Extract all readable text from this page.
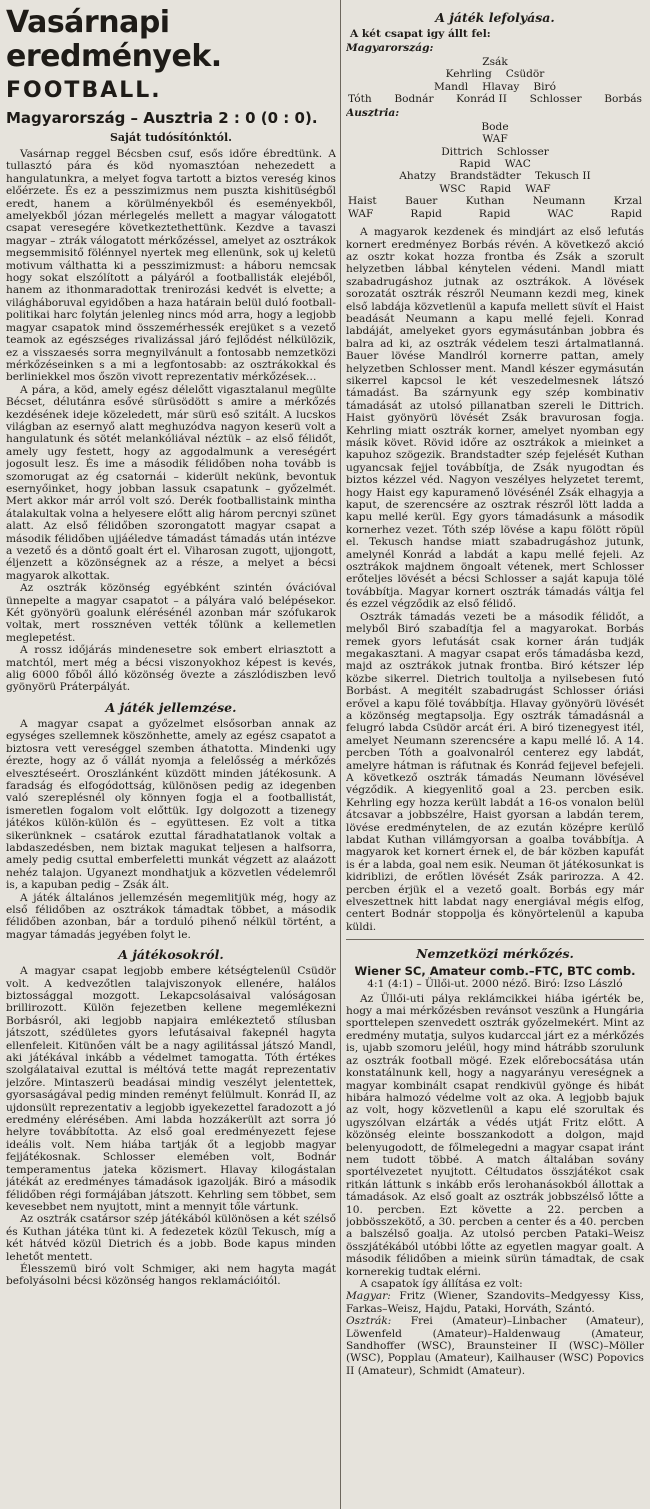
Vasárnapi eredmények.
FOOTBALL.
Magyarország – Ausztria 2 : 0 (0 : 0).
Saját tudósítónktól.

Vasárnap reggel Bécsben csuf, esős időre ébredtünk. A tullasztó pára és köd nyomasztóan nehezedett a hangulatunkra, a melyet fogva tartott a biztos vereség kinos előérzete. És ez a pesszimizmus nem puszta kishitüségből eredt, hanem a körülményekből és eseményekből, amelyekből józan mérlegelés mellett a magyar válogatott csapat veresegére következtethettünk. Kezdve a tavaszi magyar – ztrák válogatott mérkőzéssel, amelyet az osztrákok megsemmisitő fölénnyel nyertek meg ellenünk, sok uj keletü motivum válthatta ki a pesszimizmust: a háboru nemcsak hogy sokat elszólított a pályáról a footballisták elejéből, hanem az ithonmaradottak trenirozási kedvét is elvette; a világháboruval egyidőben a haza határain belül duló football-politikai harc folytán jelenleg nincs mód arra, hogy a legjobb magyar csapatok mind összemérhessék erejüket s a vezető teamok az egészséges rivalizással járó fejlődést nélkülözik, ez a visszaesés sorra megnyilvánult a fontosabb nemzetközi mérkőzéseinken s a mi a legfontosabb: az osztrákokkal és berliniekkel mos őszön vivott reprezentativ mérkőzések…

A pára, a köd, amely egész délelőtt vigasztalanul megülte Bécset, délutánra esővé sürüsödött s amire a mérkőzés kezdésének ideje közeledett, már sürü eső szitált. A lucskos világban az esernyő alatt meghuzódva nagyon keserü volt a hangulatunk és sötét melankóliával néztük – az első félidőt, amely ugy festett, hogy az aggodalmunk a vereségért jogosult lesz. És ime a második félidőben noha tovább is szomorugat az ég csatornái – kiderült nekünk, bevontuk esernyőinket, hogy jobban lassuk csapatunk – győzelmét. Mert akkor már arról volt szó. Derék footballistaink mintha átalakultak volna a helyesere előtt alig három percnyi szünet alatt. Az első félidőben szorongatott magyar csapat a második félidőben ujjáéledve támadást támadás után intézve a vezető és a döntő goalt ért el. Viharosan zugott, ujjongott, éljenzett a közönségnek az a része, a melyet a bécsi magyarok alkottak.

Az osztrák közönség egyébként szintén óvációval ünnepelte a magyar csapatot – a pályára való belépésekor. Két gyönyörü goalunk elérésénél azonban már szófukarok voltak, mert rossznéven vették tőlünk a kellemetlen meglepetést.

A rossz időjárás mindenesetre sok embert elriasztott a matchtól, mert még a bécsi viszonyokhoz képest is kevés, alig 6000 főből álló közönség övezte a zászlódiszben levő gyönyörü Práterpályát.

A játék jellemzése.

A magyar csapat a győzelmet elsősorban annak az egységes szellemnek köszönhette, amely az egész csapatot a biztosra vett vereséggel szemben áthatotta. Mindenki ugy érezte, hogy az ő vállát nyomja a felelősség a mérkőzés elvesztéseért. Oroszlánként küzdött minden játékosunk. A faradság és elfogódottság, különösen pedig az idegenben való szereplésnél oly könnyen fogja el a footballistát, ismeretlen fogalom volt előttük. Igy dolgozott a tizenegy játékos külön-külön és – együttesen. Ez volt a titka sikerünknek – csatárok ezuttal fáradhatatlanok voltak a labdaszedésben, nem biztak magukat teljesen a halfsorra, amely pedig csuttal emberfeletti munkát végzett az alaázott nehéz talajon. Ugyanezt mondhatjuk a közvetlen védelemről is, a kapuban pedig – Zsák ált.

A játék általános jellemzésén megemlitjük még, hogy az első félidőben az osztrákok támadtak többet, a második félidőben azonban, bár a torduló pihenő nélkül történt, a magyar támadás jegyében folyt le.

A játékosokról.

A magyar csapat legjobb embere kétségtelenül Csüdör volt. A kedvezőtlen talajviszonyok ellenére, halálos biztossággal mozgott. Lekapcsolásaival valóságosan brillirozott. Külön fejezetben kellene megemlékezni Borbásról, aki legjobb napjaira emlékeztető stílusban játszott, szédületes gyors lefutásaival fakepnél hagyta ellenfeleit. Kitünően vált be a nagy agilitással játszó Mandl, aki játékával inkább a védelmet tamogatta. Tóth értékes szolgálataival ezuttal is méltóvá tette magát reprezentativ jelzőre. Mintaszerü beadásai mindig veszélyt jelentettek, gyorsaságával pedig minden reményt felülmult. Konrád II, az ujdonsült reprezentativ a legjobb igyekezettel faradozott a jó eredmény elérésében. Ami labda hozzákerült azt sorra jó helyre továbbította. Az első goal eredményezett fejese ideális volt. Nem hiába tartják őt a legjobb magyar fejjátékosnak. Schlosser elemében volt, Bodnár temperamentus jateka közismert. Hlavay kilogástalan játékát az eredményes támadások igazolják. Biró a második félidőben régi formájában játszott. Kehrling sem többet, sem kevesebbet nem nyujtott, mint a mennyit tőle vártunk.

Az osztrák csatársor szép játékából különösen a két szélső és Kuthan játéka tünt ki. A fedezetek közül Tekusch, míg a két hátvéd közül Dietrich és a jobb. Bode kapus minden lehetőt mentett.

Élesszemü biró volt Schmiger, aki nem hagyta magát befolyásolni bécsi közönség hangos reklamációitól.

A játék lefolyása.
A két csapat igy állt fel:
Magyarország:
Zsák
Kehrling Csüdör
Mandl Hlavay Biró
Tóth Bodnár Konrád II Schlosser Borbás
Ausztria:
Bode
WAF
Dittrich Schlosser
Rapid WAC
Ahatzy Brandstädter Tekusch II
WSC Rapid WAF
Haist	Bauer	Kuthan	Neumann	Krzal
WAF	Rapid	Rapid	WAC	Rapid

A magyarok kezdenek és mindjárt az első lefutás kornert eredményez Borbás révén. A következő akció az osztr kokat hozza frontba és Zsák a szorult helyzetben lábbal kénytelen védeni. Mandl miatt szabadrugáshoz jutnak az osztrákok. A lövések sorozatát osztrák részről Neumann kezdi meg, kinek első labdája közvetlenül a kapufa mellett süvít el Haist beadását Neumann a kapu mellé fejeli. Konrad labdáját, amelyeket gyors egymásutánban jobbra és balra ad ki, az osztrák védelem teszi ártalmatlanná. Bauer lövése Mandlról kornerre pattan, amely helyzetben Schlosser ment. Mandl készer egymásután sikerrel kapcsol le két veszedelmesnek látszó támadást. Ba szárnyunk egy szép kombinativ támadását az utolsó pillanatban szereli le Dittrich. Haist gyönyörü lövését Zsák bravurosan fogja. Kehrling miatt osztrák korner, amelyet nyomban egy másik követ. Rövid időre az osztrákok a mieinket a kapuhoz szögezik. Brandstadter szép fejelését Kuthan ugyancsak fejjel továbbítja, de Zsák nyugodtan és biztos kézzel véd. Nagyon veszélyes helyzetet teremt, hogy Haist egy kapuramenő lövésénél Zsák elhagyja a kaput, de szerencsére az osztrak részről lött ladda a kapu mellé kerül. Egy gyors támadásunk a második kornerhez vezet. Tóth szép lövése a kapu fölött röpül el. Tekusch handse miatt szabadrugáshoz jutunk, amelynél Konrád a labdát a kapu mellé fejeli. Az osztrákok majdnem öngoalt vétenek, mert Schlosser erőteljes lövését a bécsi Schlosser a saját kapuja tölé továbbítja. Magyar kornert osztrák támadás váltja fel és ezzel végződik az első félidő.

Osztrák támadás vezeti be a második félidőt, a melyből Biró szabadítja fel a magyarokat. Borbás remek gyors lefutását csak korner árán tudják megakasztani. A magyar csapat erős támadásba kezd, majd az osztrákok jutnak frontba. Biró kétszer lép közbe sikerrel. Dietrich toultolja a nyilsebesen futó Borbást. A megitélt szabadrugást Schlosser óriási erővel a kapu fölé továbbítja. Hlavay gyönyörü lövését a közönség megtapsolja. Egy osztrák támadásnál a felugró labda Csüdör arcát éri. A biró tizenegyest itél, amelyet Neumann szerencsére a kapu mellé lő. A 14. percben Tóth a goalvonalról centerez egy labdát, amelyre hátman is ráfutnak és Konrád fejjevel befejeli. A következő osztrák támadás Neumann lövésével végződik. A kiegyenlitő goal a 23. percben esik. Kehrling egy hozza került labdát a 16-os vonalon belül átcsavar a jobbszélre, Haist gyorsan a labdán terem, lövése eredménytelen, de az ezután középre kerülő labdat Kuthan villámgyorsan a goalba továbbítja. A magyarok ket kornert érnek el, de bár közben kapufát is ér a labda, goal nem esik. Neuman öt játékosunkat is kidriblizi, de erőtlen lövését Zsák parirozza. A 42. percben érjük el a vezető goalt. Borbás egy már elveszettnek hitt labdat nagy energiával mégis elfog, centert Bodnár stoppolja és könyörtelenül a kapuba küldi.

Nemzetközi mérkőzés.
Wiener SC, Amateur comb.–FTC, BTC comb.
4:1 (4:1) – Üllői-ut. 2000 néző. Biró: Izso László

Az Üllői-uti pálya reklámcikkei hiába igérték be, hogy a mai mérkőzésben revánsot veszünk a Hungária sporttelepen szenvedett osztrák győzelmekért. Mint az eredmény mutatja, sulyos kudarccal járt ez a mérkőzés is, ujabb szomoru jeléül, hogy mind hátrább szorulunk az osztrák football mögé. Ezek előrebocsátása után konstatálnunk kell, hogy a nagyarányu vereségnek a magyar kombinált csapat rendkivül gyönge és hibát hibára halmozó védelme volt az oka. A legjobb bajuk az volt, hogy közvetlenül a kapu elé szorultak és ugyszólvan elzárták a védés utját Fritz előtt. A közönség eleinte bosszankodott a dolgon, majd belenyugodott, de főlmelegedni a magyar csapat iránt nem tudott többé. A match általában sovány sportélvezetet nyujtott. Céltudatos összjátékot csak ritkán láttunk s inkább erős lerohanásokból állottak a támadások. Az első goalt az osztrák jobbszélső lőtte a 10. percben. Ezt követte a 22. percben a jobbösszekötő, a 30. percben a center és a 40. percben a balszélső goalja. Az utolsó percben Pataki–Weisz összjátékából utóbbi lőtte az egyetlen magyar goalt. A második félidőben a mieink sürün támadtak, de csak kornerekig tudtak elérni.

A csapatok így állítása ez volt:

Magyar: Fritz (Wiener, Szandovits–Medgyessy Kiss, Farkas–Weisz, Hajdu, Pataki, Horváth, Szántó.

Osztrák: Frei (Amateur)–Linbacher (Amateur), Löwenfeld (Amateur)–Haldenwaug (Amateur, Sandhoffer (WSC), Braunsteiner II (WSC)–Möller (WSC), Popplau (Amateur), Kailhauser (WSC) Popovics II (Amateur), Schmidt (Amateur).
